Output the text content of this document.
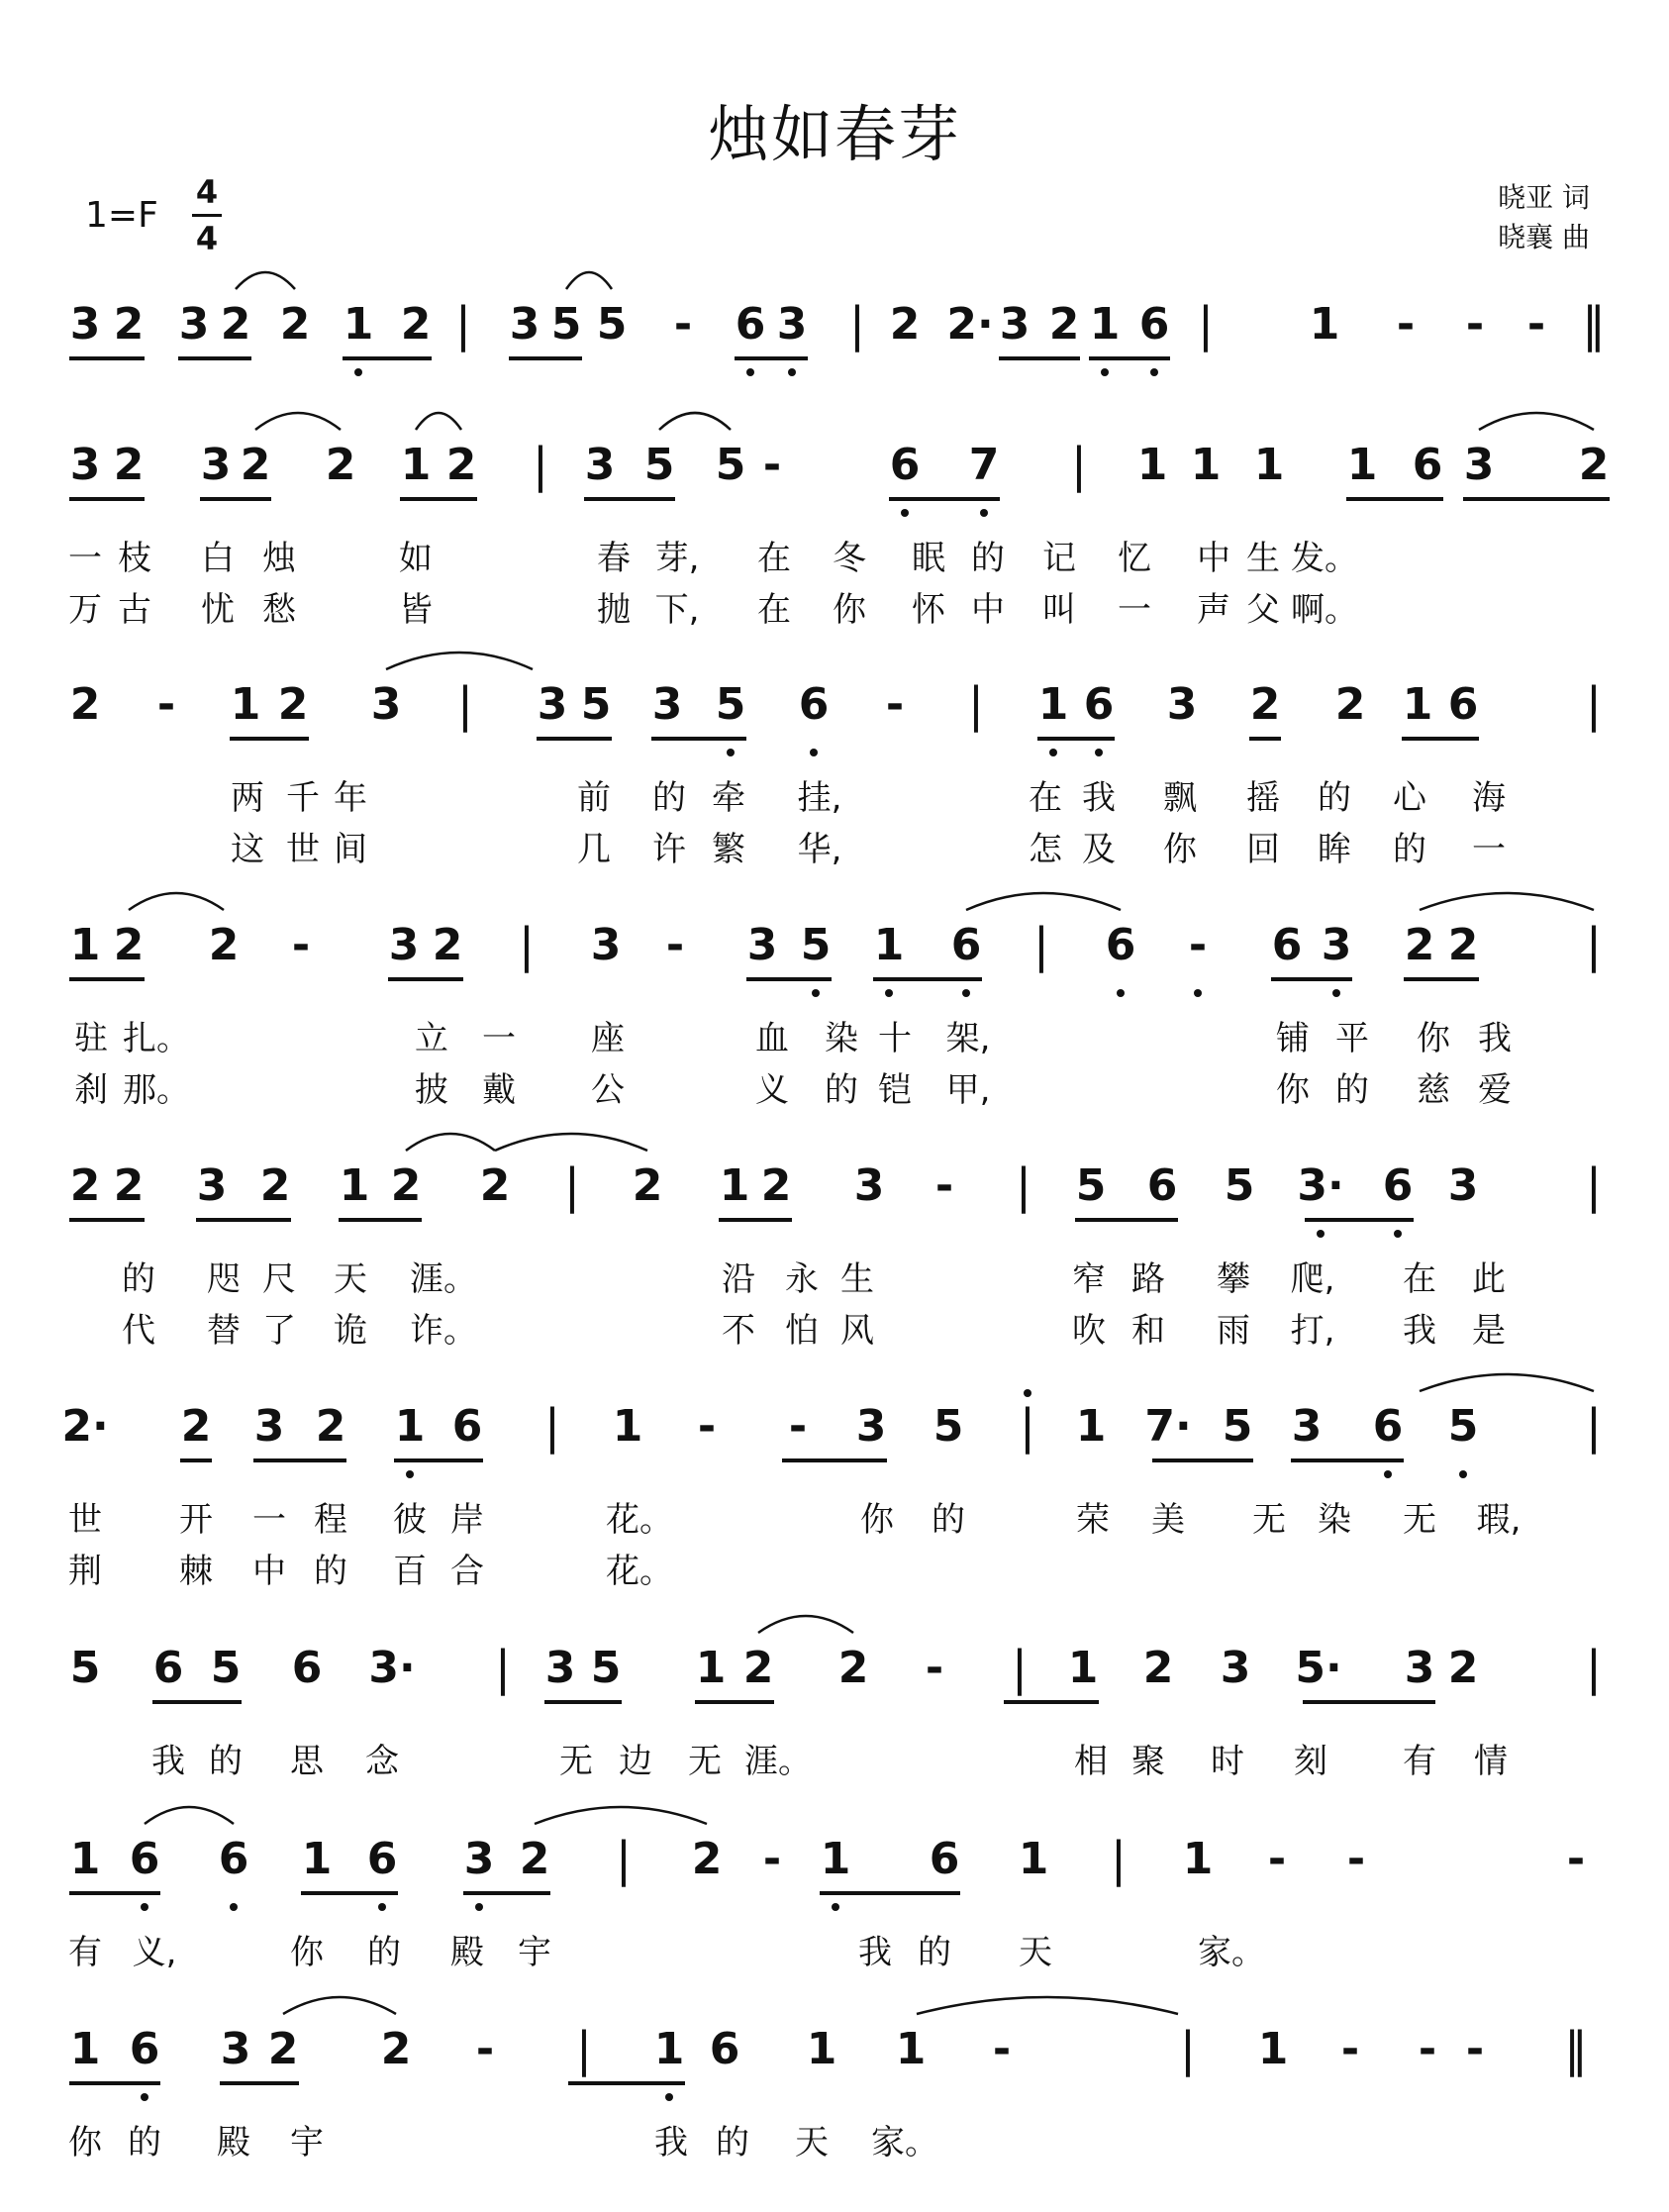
烛如春芽
1=F
4
4
晓亚 词
晓襄 曲
3 2 3 2 2 1 2 | 3 5 5 - 6 3 | 2 2· 3 2 1 6 | 1 - - - ‖
3 2 3 2 2 1 2 | 3 5 5 - 6 7 | 1 1 1 1 6 3 2
一 枝 白 烛	如	春 芽, 在 冬 眠 的 记 忆 中 生 发。
万 古 忧 愁	皆	抛 下, 在 你 怀 中 叫 一 声 父 啊。
2 - 1 2 3 | 3 5 3 5 6 - | 1 6 3 2 2 1 6 |
两 千 年	前 的 牵 挂,	在 我 飘 摇 的 心 海
这 世 间	几 许 繁 华,	怎 及 你 回 眸 的 一
1 2 2 - 3 2 | 3 - 3 5 1 6 | 6 - 6 3 2 2 |
驻 扎。	立 一 座	血 染 十 架,	铺 平 你 我
刹 那。	披 戴 公	义 的 铠 甲,	你 的 慈 爱
2 2 3 2 1 2 2 | 2 1 2 3 - | 5 6 5 3· 6 3 |
的 咫 尺 天 涯。	沿 永 生	窄 路 攀 爬, 在 此
代 替 了 诡 诈。	不 怕 风	吹 和 雨 打, 我 是
2· 2 3 2 1 6 | 1 - - 3 5 | 1 7· 5 3 6 5 |
世 开 一 程 彼 岸	花。	你 的	荣 美 无 染 无 瑕,
荆 棘 中 的 百 合	花。
5 6 5 6 3· | 3 5 1 2 2 - | 1 2 3 5· 3 2 |
我 的 思 念	无 边 无 涯。	相 聚 时 刻 有 情
1 6 6 1 6 3 2 | 2 - 1 6 1 | 1 - -	-
有 义,	你 的 殿 宇	我 的 天	家。
1 6 3 2 2 - | 1 6 1 1 -	| 1 - - - ‖
你 的 殿 宇	我 的 天 家。
